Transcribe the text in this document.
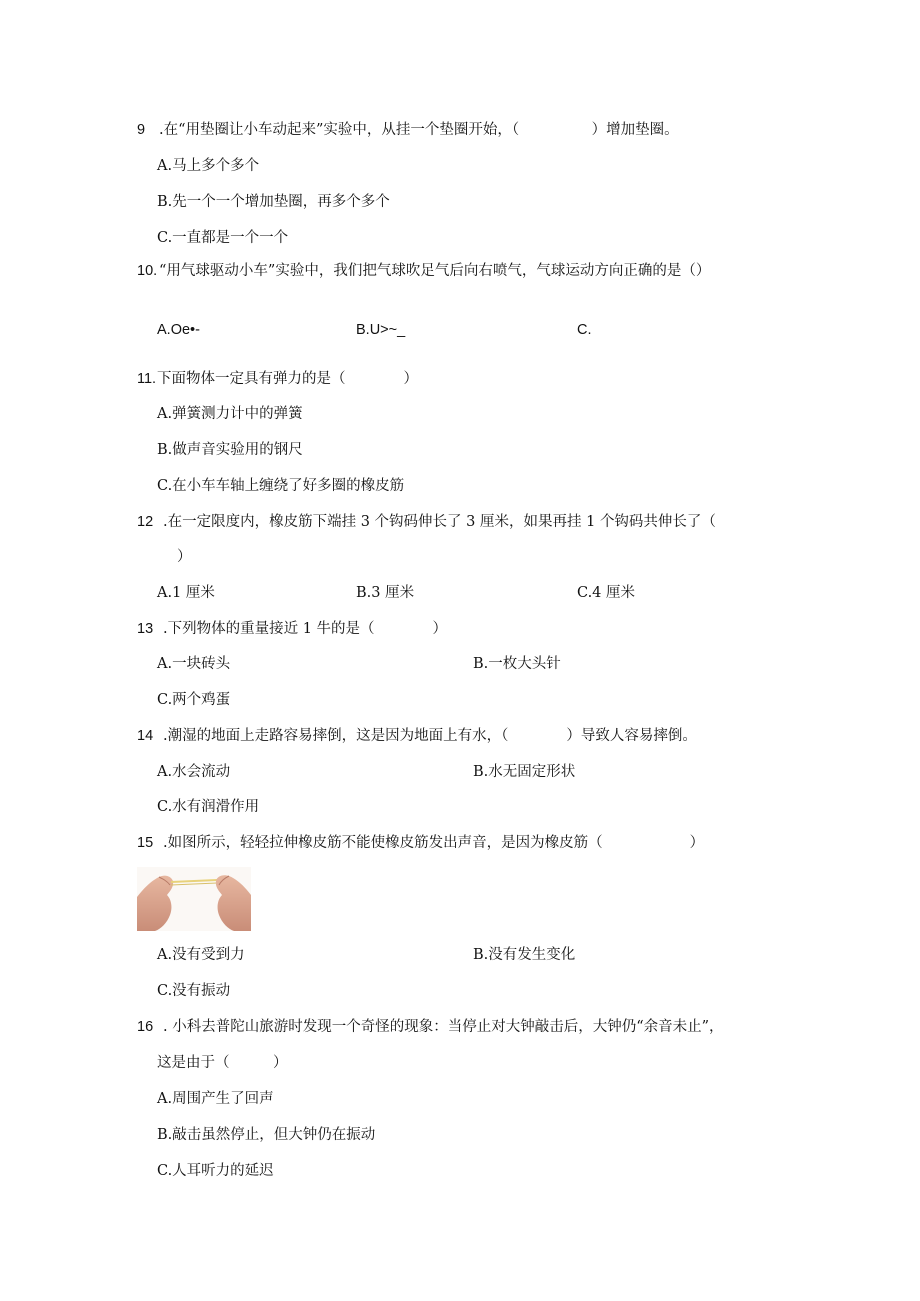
9 .在“用垫圈让小车动起来”实验中，从挂一个垫圈开始，（　　　　　）增加垫圈。
A.马上多个多个
B.先一个一个增加垫圈，再多个多个
C.一直都是一个一个
10. “用气球驱动小车”实验中，我们把气球吹足气后向右喷气，气球运动方向正确的是（）
A.Oe•-	B.U>~_	C.
11. 下面物体一定具有弹力的是（　　　　）
A.弹簧测力计中的弹簧
B.做声音实验用的钢尺
C.在小车车轴上缠绕了好多圈的橡皮筋
12 .在一定限度内，橡皮筋下端挂 3 个钩码伸长了 3 厘米，如果再挂 1 个钩码共伸长了（
）
A.1 厘米	B.3 厘米	C.4 厘米
13 .下列物体的重量接近 1 牛的是（　　　　）
A.一块砖头	B.一枚大头针
C.两个鸡蛋
14 .潮湿的地面上走路容易摔倒，这是因为地面上有水，（　　　　）导致人容易摔倒。
A.水会流动	B.水无固定形状
C.水有润滑作用
15 .如图所示，轻轻拉伸橡皮筋不能使橡皮筋发出声音，是因为橡皮筋（　　　　　　）
A.没有受到力	B.没有发生变化
C.没有振动
16 . 小科去普陀山旅游时发现一个奇怪的现象：当停止对大钟敲击后，大钟仍“余音未止”，
这是由于（　　　）
A.周围产生了回声
B.敲击虽然停止，但大钟仍在振动
C.人耳听力的延迟
